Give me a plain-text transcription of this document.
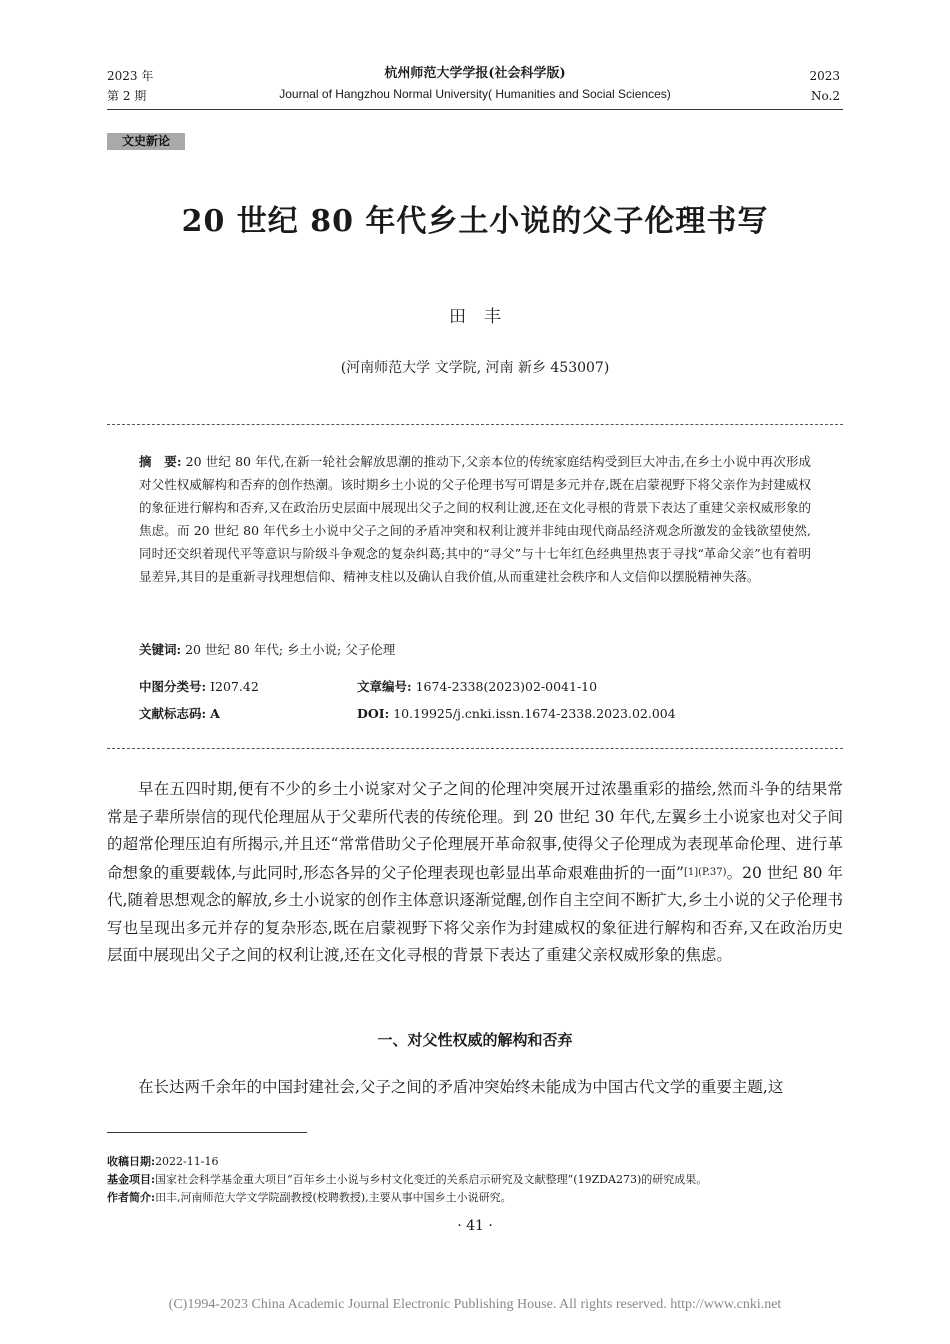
2023 年
第 2 期
杭州师范大学学报(社会科学版)
Journal of Hangzhou Normal University( Humanities and Social Sciences)
2023
No.2
文史新论
20 世纪 80 年代乡土小说的父子伦理书写
田丰
(河南师范大学 文学院, 河南 新乡 453007)
摘　要: 20 世纪 80 年代,在新一轮社会解放思潮的推动下,父亲本位的传统家庭结构受到巨大冲击,在乡土小说中再次形成对父性权威解构和否弃的创作热潮。该时期乡土小说的父子伦理书写可谓是多元并存,既在启蒙视野下将父亲作为封建威权的象征进行解构和否弃,又在政治历史层面中展现出父子之间的权利让渡,还在文化寻根的背景下表达了重建父亲权威形象的焦虑。而 20 世纪 80 年代乡土小说中父子之间的矛盾冲突和权利让渡并非纯由现代商品经济观念所激发的金钱欲望使然,同时还交织着现代平等意识与阶级斗争观念的复杂纠葛;其中的“寻父”与十七年红色经典里热衷于寻找“革命父亲”也有着明显差异,其目的是重新寻找理想信仰、精神支柱以及确认自我价值,从而重建社会秩序和人文信仰以摆脱精神失落。
关键词: 20 世纪 80 年代; 乡土小说; 父子伦理
中图分类号: I207.42	文章编号: 1674-2338(2023)02-0041-10
文献标志码: A	DOI: 10.19925/j.cnki.issn.1674-2338.2023.02.004

早在五四时期,便有不少的乡土小说家对父子之间的伦理冲突展开过浓墨重彩的描绘,然而斗争的结果常常是子辈所崇信的现代伦理屈从于父辈所代表的传统伦理。到 20 世纪 30 年代,左翼乡土小说家也对父子间的超常伦理压迫有所揭示,并且还“常常借助父子伦理展开革命叙事,使得父子伦理成为表现革命伦理、进行革命想象的重要载体,与此同时,形态各异的父子伦理表现也彰显出革命艰难曲折的一面”[1](P.37)。20 世纪 80 年代,随着思想观念的解放,乡土小说家的创作主体意识逐渐觉醒,创作自主空间不断扩大,乡土小说的父子伦理书写也呈现出多元并存的复杂形态,既在启蒙视野下将父亲作为封建威权的象征进行解构和否弃,又在政治历史层面中展现出父子之间的权利让渡,还在文化寻根的背景下表达了重建父亲权威形象的焦虑。

一、对父性权威的解构和否弃
在长达两千余年的中国封建社会,父子之间的矛盾冲突始终未能成为中国古代文学的重要主题,这
收稿日期:2022-11-16
基金项目:国家社会科学基金重大项目“百年乡土小说与乡村文化变迁的关系启示研究及文献整理”(19ZDA273)的研究成果。
作者简介:田丰,河南师范大学文学院副教授(校聘教授),主要从事中国乡土小说研究。
· 41 ·
(C)1994-2023 China Academic Journal Electronic Publishing House. All rights reserved. http://www.cnki.net
